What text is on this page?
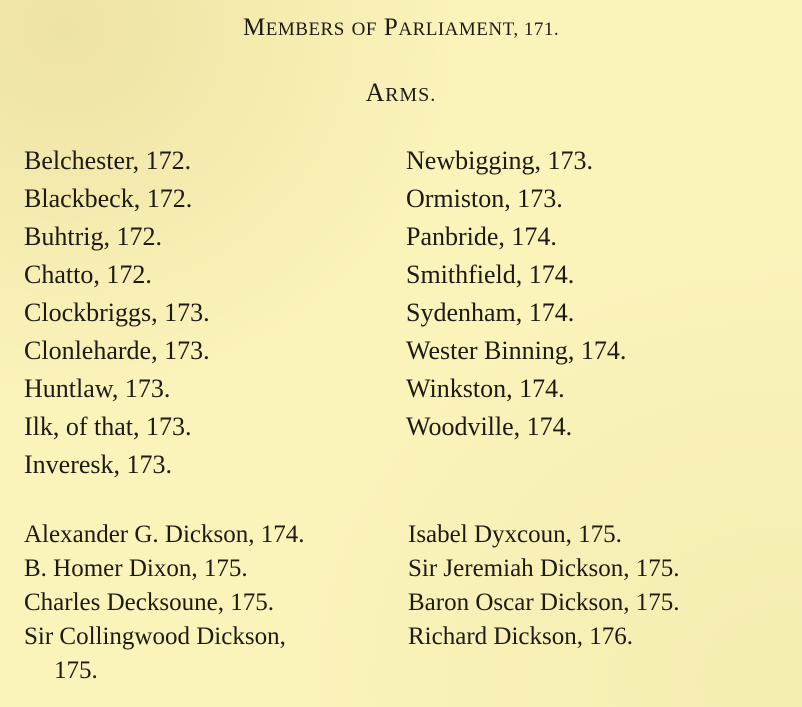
MEMBERS OF PARLIAMENT, 171.
ARMS.
Belchester, 172.
Blackbeck, 172.
Buhtrig, 172.
Chatto, 172.
Clockbriggs, 173.
Clonleharde, 173.
Huntlaw, 173.
Ilk, of that, 173.
Inveresk, 173.
Newbigging, 173.
Ormiston, 173.
Panbride, 174.
Smithfield, 174.
Sydenham, 174.
Wester Binning, 174.
Winkston, 174.
Woodville, 174.
Alexander G. Dickson, 174.
B. Homer Dixon, 175.
Charles Decksoune, 175.
Sir Collingwood Dickson,
175.
Isabel Dyxcoun, 175.
Sir Jeremiah Dickson, 175.
Baron Oscar Dickson, 175.
Richard Dickson, 176.
